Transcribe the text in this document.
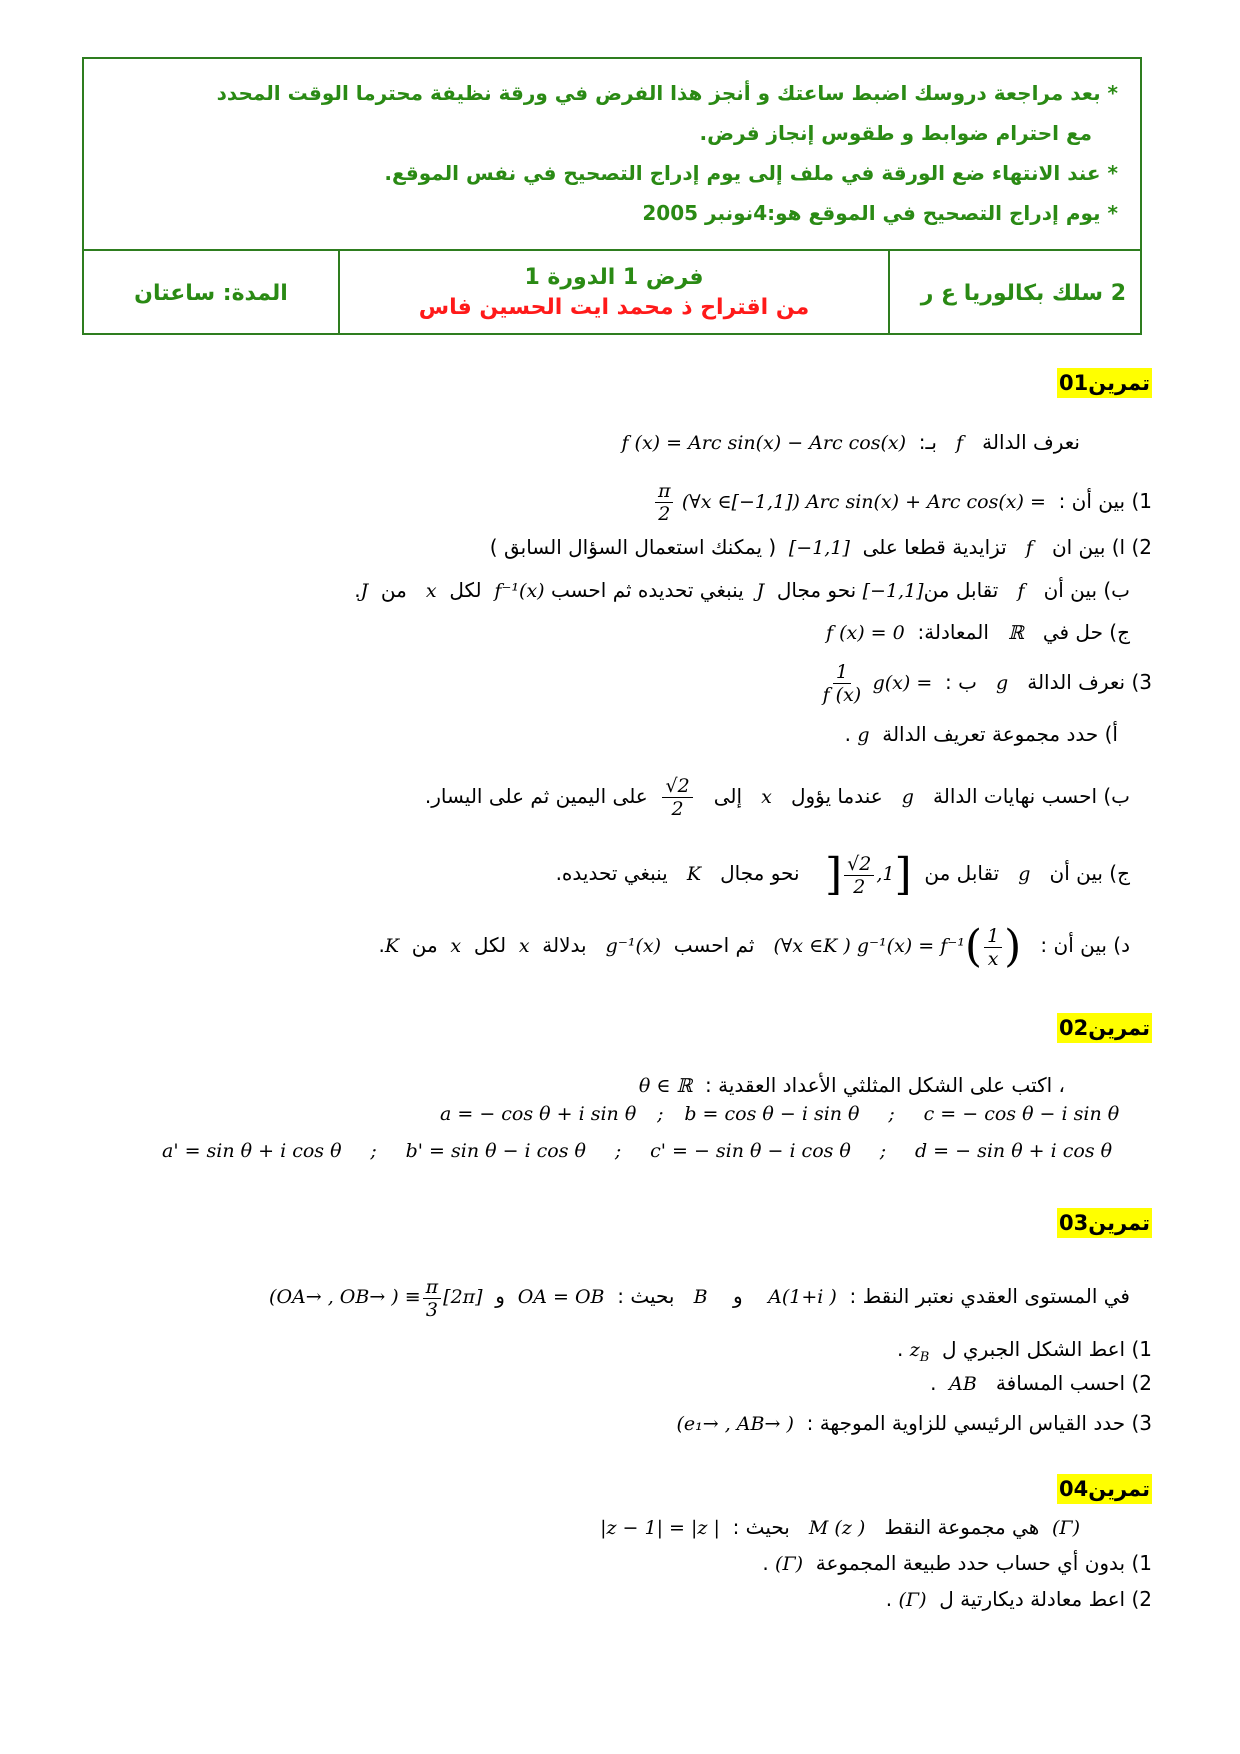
* بعد مراجعة دروسك اضبط ساعتك و أنجز هذا الفرض في ورقة نظيفة محترما الوقت المحدد
مع احترام ضوابط و طقوس إنجاز فرض.
* عند الانتهاء ضع الورقة في ملف إلى يوم إدراج التصحيح في نفس الموقع.
* يوم إدراج التصحيح في الموقع هو:4نونبر 2005
2 سلك بكالوريا ع ر
فرض 1 الدورة 1
من اقتراح ذ محمد ايت الحسين فاس
المدة: ساعتان
تمرين01
نعرف الدالة   f   بـ:  f (x) = Arc sin(x) − Arc cos(x)
1) بين أن :  (∀x ∈[−1,1]) Arc sin(x) + Arc cos(x) =
$\frac{\pi}{2}$
2) ا) بين ان   f   تزايدية قطعا على  [−1,1]  ( يمكنك استعمال السؤال السابق )
ب) بين أن   f   تقابل من[−1,1] نحو مجال  J  ينبغي تحديده ثم احسب f⁻¹(x)  لكل  x   من  J.
ج) حل في   ℝ   المعادلة:  f (x) = 0
3) نعرف الدالة   g   ب :  g(x) =
$\frac{1}{f (x)}$
أ) حدد مجموعة تعريف الدالة  g .
ب) احسب نهايات الدالة   g   عندما يؤول   x   إلى
$\frac{√2}{2}$
على اليمين ثم على اليسار.
ج) بين أن   g   تقابل من  ] $\frac{√2}{2} ,1$]    نحو مجال   K   ينبغي تحديده.
د) بين أن :   (∀x ∈K ) $g^{-1}(x) = f^{-1}( \frac{1}{x}$ )   ثم احسب  g⁻¹(x)   بدلالة  x  لكل  x  من  K.
تمرين02
، اكتب على الشكل المثلثي الأعداد العقدية :  θ ∈ ℝ
a = − cos θ + i sin θ ; b = cos θ − i sin θ ; c = − cos θ − i sin θ
a' = sin θ + i cos θ ; b' = sin θ − i cos θ ; c' = − sin θ − i cos θ ; d = − sin θ + i cos θ
تمرين03
في المستوى العقدي نعتبر النقط :  A(1+i )    و    B   بحيث :  OA = OB  و  (OA→ , OB→ ) ≡ $\frac{\pi}{3} [2\pi]$
1) اعط الشكل الجبري ل  $z_B$ .
2) احسب المسافة   AB  .
3) حدد القياس الرئيسي للزاوية الموجهة :  (e₁→ , AB→ )
تمرين04
(Γ)  هي مجموعة النقط   M (z )   بحيث :  |z − 1| = |z |
1) بدون أي حساب حدد طبيعة المجموعة  (Γ) .
2) اعط معادلة ديكارتية ل  (Γ) .
